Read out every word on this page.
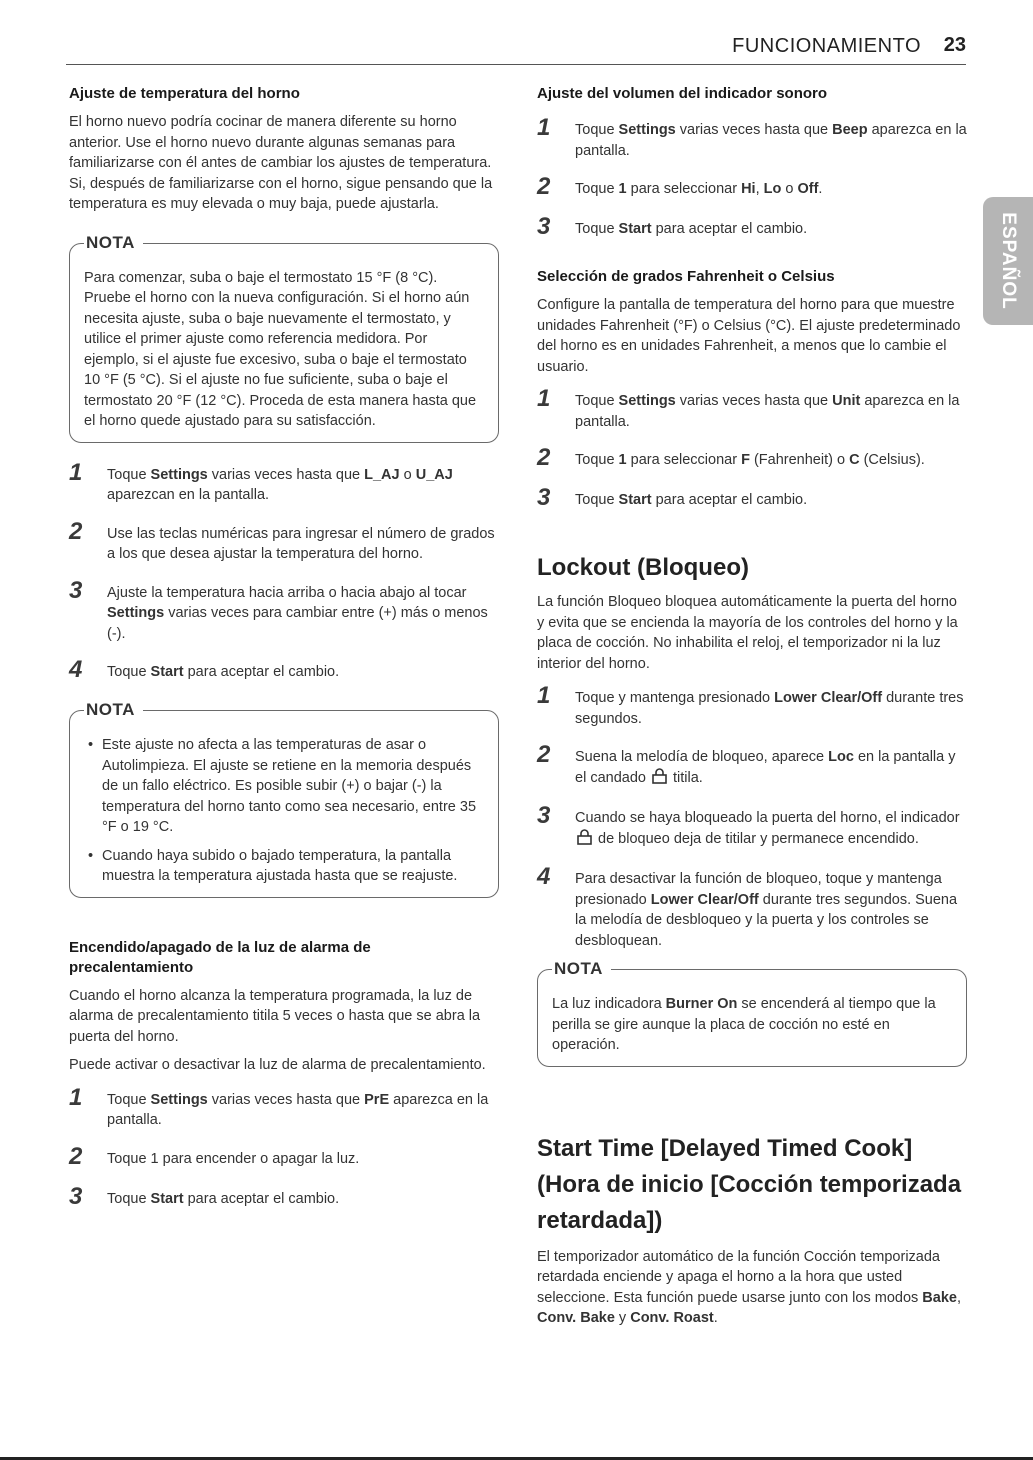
FUNCIONAMIENTO 23
ESPAÑOL
Ajuste de temperatura del horno

El horno nuevo podría cocinar de manera diferente su horno anterior. Use el horno nuevo durante algunas semanas para familiarizarse con él antes de cambiar los ajustes de temperatura. Si, después de familiarizarse con el horno, sigue pensando que la temperatura es muy elevada o muy baja, puede ajustarla.

NOTA

Para comenzar, suba o baje el termostato 15 °F (8 °C). Pruebe el horno con la nueva configuración. Si el horno aún necesita ajuste, suba o baje nuevamente el termostato, y utilice el primer ajuste como referencia medidora. Por ejemplo, si el ajuste fue excesivo, suba o baje el termostato 10 °F (5 °C). Si el ajuste no fue suficiente, suba o baje el termostato 20 °F (12 °C). Proceda de esta manera hasta que el horno quede ajustado para su satisfacción.

1 Toque Settings varias veces hasta que L_AJ o U_AJ aparezcan en la pantalla.
2 Use las teclas numéricas para ingresar el número de grados a los que desea ajustar la temperatura del horno.
3 Ajuste la temperatura hacia arriba o hacia abajo al tocar Settings varias veces para cambiar entre (+) más o menos (-).
4 Toque Start para aceptar el cambio.
NOTA
• Este ajuste no afecta a las temperaturas de asar o Autolimpieza. El ajuste se retiene en la memoria después de un fallo eléctrico. Es posible subir (+) o bajar (-) la temperatura del horno tanto como sea necesario, entre 35 °F o 19 °C.
• Cuando haya subido o bajado temperatura, la pantalla muestra la temperatura ajustada hasta que se reajuste.
Encendido/apagado de la luz de alarma de precalentamiento

Cuando el horno alcanza la temperatura programada, la luz de alarma de precalentamiento titila 5 veces o hasta que se abra la puerta del horno.

Puede activar o desactivar la luz de alarma de precalentamiento.

1 Toque Settings varias veces hasta que PrE aparezca en la pantalla.
2 Toque 1 para encender o apagar la luz.
3 Toque Start para aceptar el cambio.
Ajuste del volumen del indicador sonoro
1 Toque Settings varias veces hasta que Beep aparezca en la pantalla.
2 Toque 1 para seleccionar Hi, Lo o Off.
3 Toque Start para aceptar el cambio.
Selección de grados Fahrenheit o Celsius

Configure la pantalla de temperatura del horno para que muestre unidades Fahrenheit (°F) o Celsius (°C). El ajuste predeterminado del horno es en unidades Fahrenheit, a menos que lo cambie el usuario.

1 Toque Settings varias veces hasta que Unit aparezca en la pantalla.
2 Toque 1 para seleccionar F (Fahrenheit) o C (Celsius).
3 Toque Start para aceptar el cambio.
Lockout (Bloqueo)

La función Bloqueo bloquea automáticamente la puerta del horno y evita que se encienda la mayoría de los controles del horno y la placa de cocción. No inhabilita el reloj, el temporizador ni la luz interior del horno.

1 Toque y mantenga presionado Lower Clear/Off durante tres segundos.
2 Suena la melodía de bloqueo, aparece Loc en la pantalla y el candado  titila.
3 Cuando se haya bloqueado la puerta del horno, el indicador  de bloqueo deja de titilar y permanece encendido.
4 Para desactivar la función de bloqueo, toque y mantenga presionado Lower Clear/Off durante tres segundos. Suena la melodía de desbloqueo y la puerta y los controles se desbloquean.
NOTA

La luz indicadora Burner On se encenderá al tiempo que la perilla se gire aunque la placa de cocción no esté en operación.

Start Time [Delayed Timed Cook] (Hora de inicio [Cocción temporizada retardada])

El temporizador automático de la función Cocción temporizada retardada enciende y apaga el horno a la hora que usted seleccione. Esta función puede usarse junto con los modos Bake, Conv. Bake y Conv. Roast.
